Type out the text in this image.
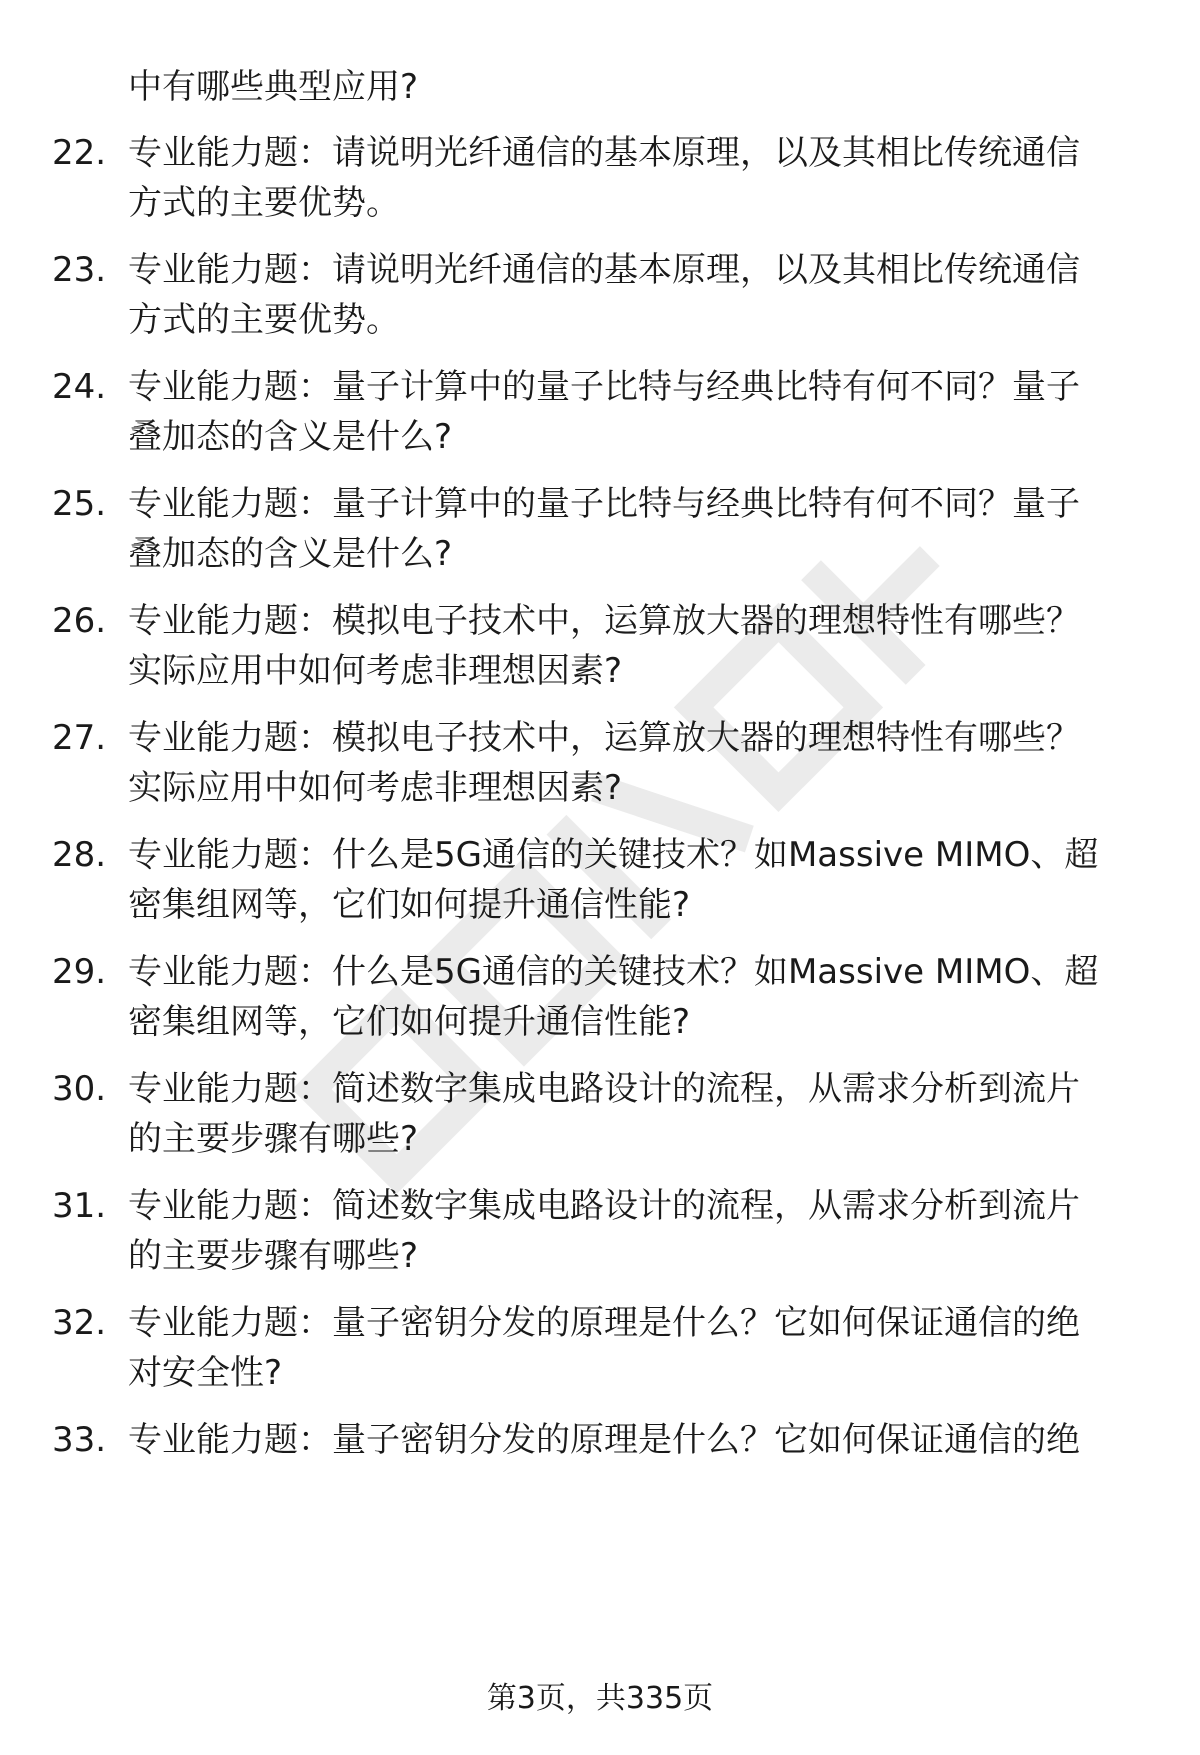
中有哪些典型应用?
22. 专业能力题：请说明光纤通信的基本原理，以及其相比传统通信
方式的主要优势。
23. 专业能力题：请说明光纤通信的基本原理，以及其相比传统通信
方式的主要优势。
24. 专业能力题：量子计算中的量子比特与经典比特有何不同？量子
叠加态的含义是什么?
25. 专业能力题：量子计算中的量子比特与经典比特有何不同？量子
叠加态的含义是什么?
26. 专业能力题：模拟电子技术中，运算放大器的理想特性有哪些？
实际应用中如何考虑非理想因素?
27. 专业能力题：模拟电子技术中，运算放大器的理想特性有哪些？
实际应用中如何考虑非理想因素?
28. 专业能力题：什么是5G通信的关键技术？如Massive MIMO、超
密集组网等，它们如何提升通信性能?
29. 专业能力题：什么是5G通信的关键技术？如Massive MIMO、超
密集组网等，它们如何提升通信性能?
30. 专业能力题：简述数字集成电路设计的流程，从需求分析到流片
的主要步骤有哪些?
31. 专业能力题：简述数字集成电路设计的流程，从需求分析到流片
的主要步骤有哪些?
32. 专业能力题：量子密钥分发的原理是什么？它如何保证通信的绝
对安全性?
33. 专业能力题：量子密钥分发的原理是什么？它如何保证通信的绝
第3页，共335页
